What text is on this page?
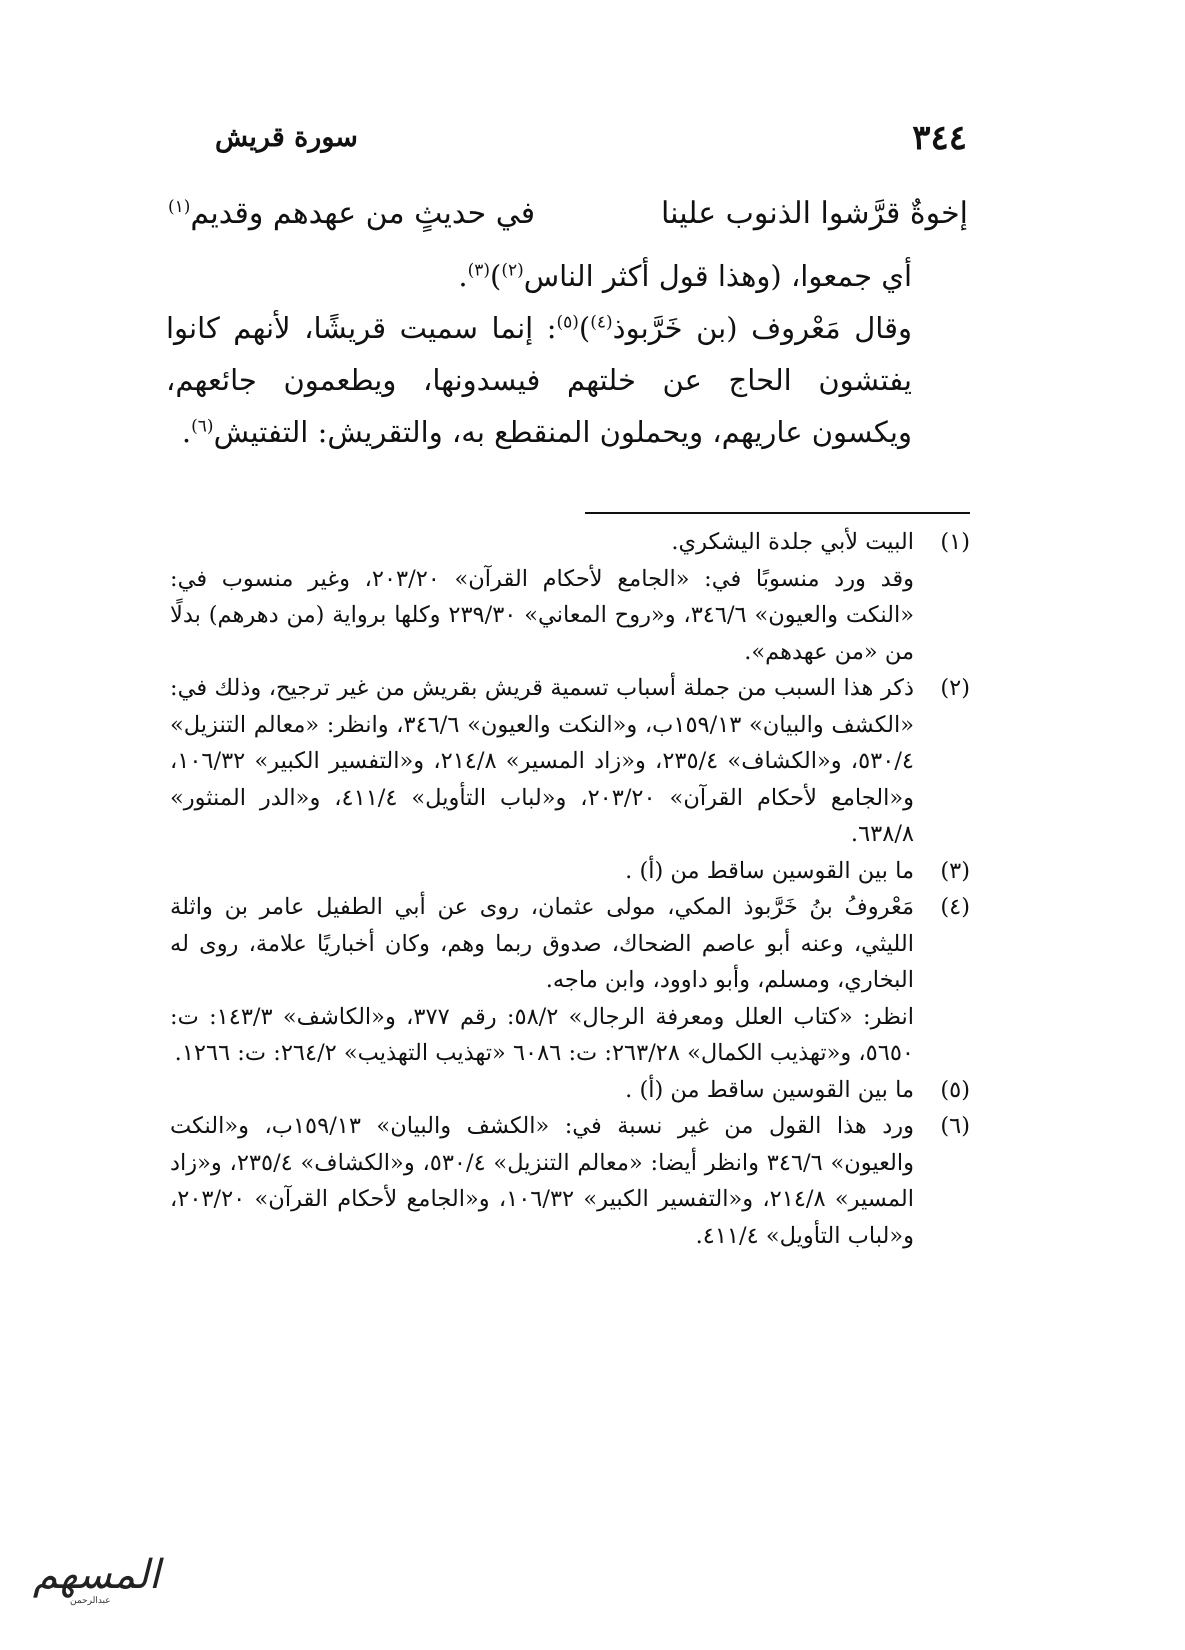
٣٤٤
سورة قريش
إخوةٌ قرَّشوا الذنوب علينا
في حديثٍ من عهدهم وقديم$^{(١)}$

أي جمعوا، (وهذا قول أكثر الناس$^{(٢)}$)$^{(٣)}$.

وقال مَعْروف (بن خَرَّبوذ$^{(٤)}$)$^{(٥)}$: إنما سميت قريشًا، لأنهم كانوا يفتشون الحاج عن خلتهم فيسدونها، ويطعمون جائعهم، ويكسون عاريهم، ويحملون المنقطع به، والتقريش: التفتيش$^{(٦)}$.

(١)
البيت لأبي جلدة اليشكري.
وقد ورد منسوبًا في: «الجامع لأحكام القرآن» ٢٠٣/٢٠، وغير منسوب في: «النكت والعيون» ٣٤٦/٦، و«روح المعاني» ٢٣٩/٣٠ وكلها برواية (من دهرهم) بدلًا من «من عهدهم».
(٢)
ذكر هذا السبب من جملة أسباب تسمية قريش بقريش من غير ترجيح، وذلك في: «الكشف والبيان» ١٥٩/١٣ب، و«النكت والعيون» ٣٤٦/٦، وانظر: «معالم التنزيل» ٥٣٠/٤، و«الكشاف» ٢٣٥/٤، و«زاد المسير» ٢١٤/٨، و«التفسير الكبير» ١٠٦/٣٢، و«الجامع لأحكام القرآن» ٢٠٣/٢٠، و«لباب التأويل» ٤١١/٤، و«الدر المنثور» ٦٣٨/٨.
(٣)
ما بين القوسين ساقط من (أ) .
(٤)
مَعْروفُ بنُ خَرَّبوذ المكي، مولى عثمان، روى عن أبي الطفيل عامر بن واثلة الليثي، وعنه أبو عاصم الضحاك، صدوق ربما وهم، وكان أخباريًا علامة، روى له البخاري، ومسلم، وأبو داوود، وابن ماجه.
انظر: «كتاب العلل ومعرفة الرجال» ٥٨/٢: رقم ٣٧٧، و«الكاشف» ١٤٣/٣: ت: ٥٦٥٠، و«تهذيب الكمال» ٢٦٣/٢٨: ت: ٦٠٨٦ «تهذيب التهذيب» ٢٦٤/٢: ت: ١٢٦٦.
(٥)
ما بين القوسين ساقط من (أ) .
(٦)
ورد هذا القول من غير نسبة في: «الكشف والبيان» ١٥٩/١٣ب، و«النكت والعيون» ٣٤٦/٦ وانظر أيضا: «معالم التنزيل» ٥٣٠/٤، و«الكشاف» ٢٣٥/٤، و«زاد المسير» ٢١٤/٨، و«التفسير الكبير» ١٠٦/٣٢، و«الجامع لأحكام القرآن» ٢٠٣/٢٠، و«لباب التأويل» ٤١١/٤.
المسهم
عبدالرحمن
